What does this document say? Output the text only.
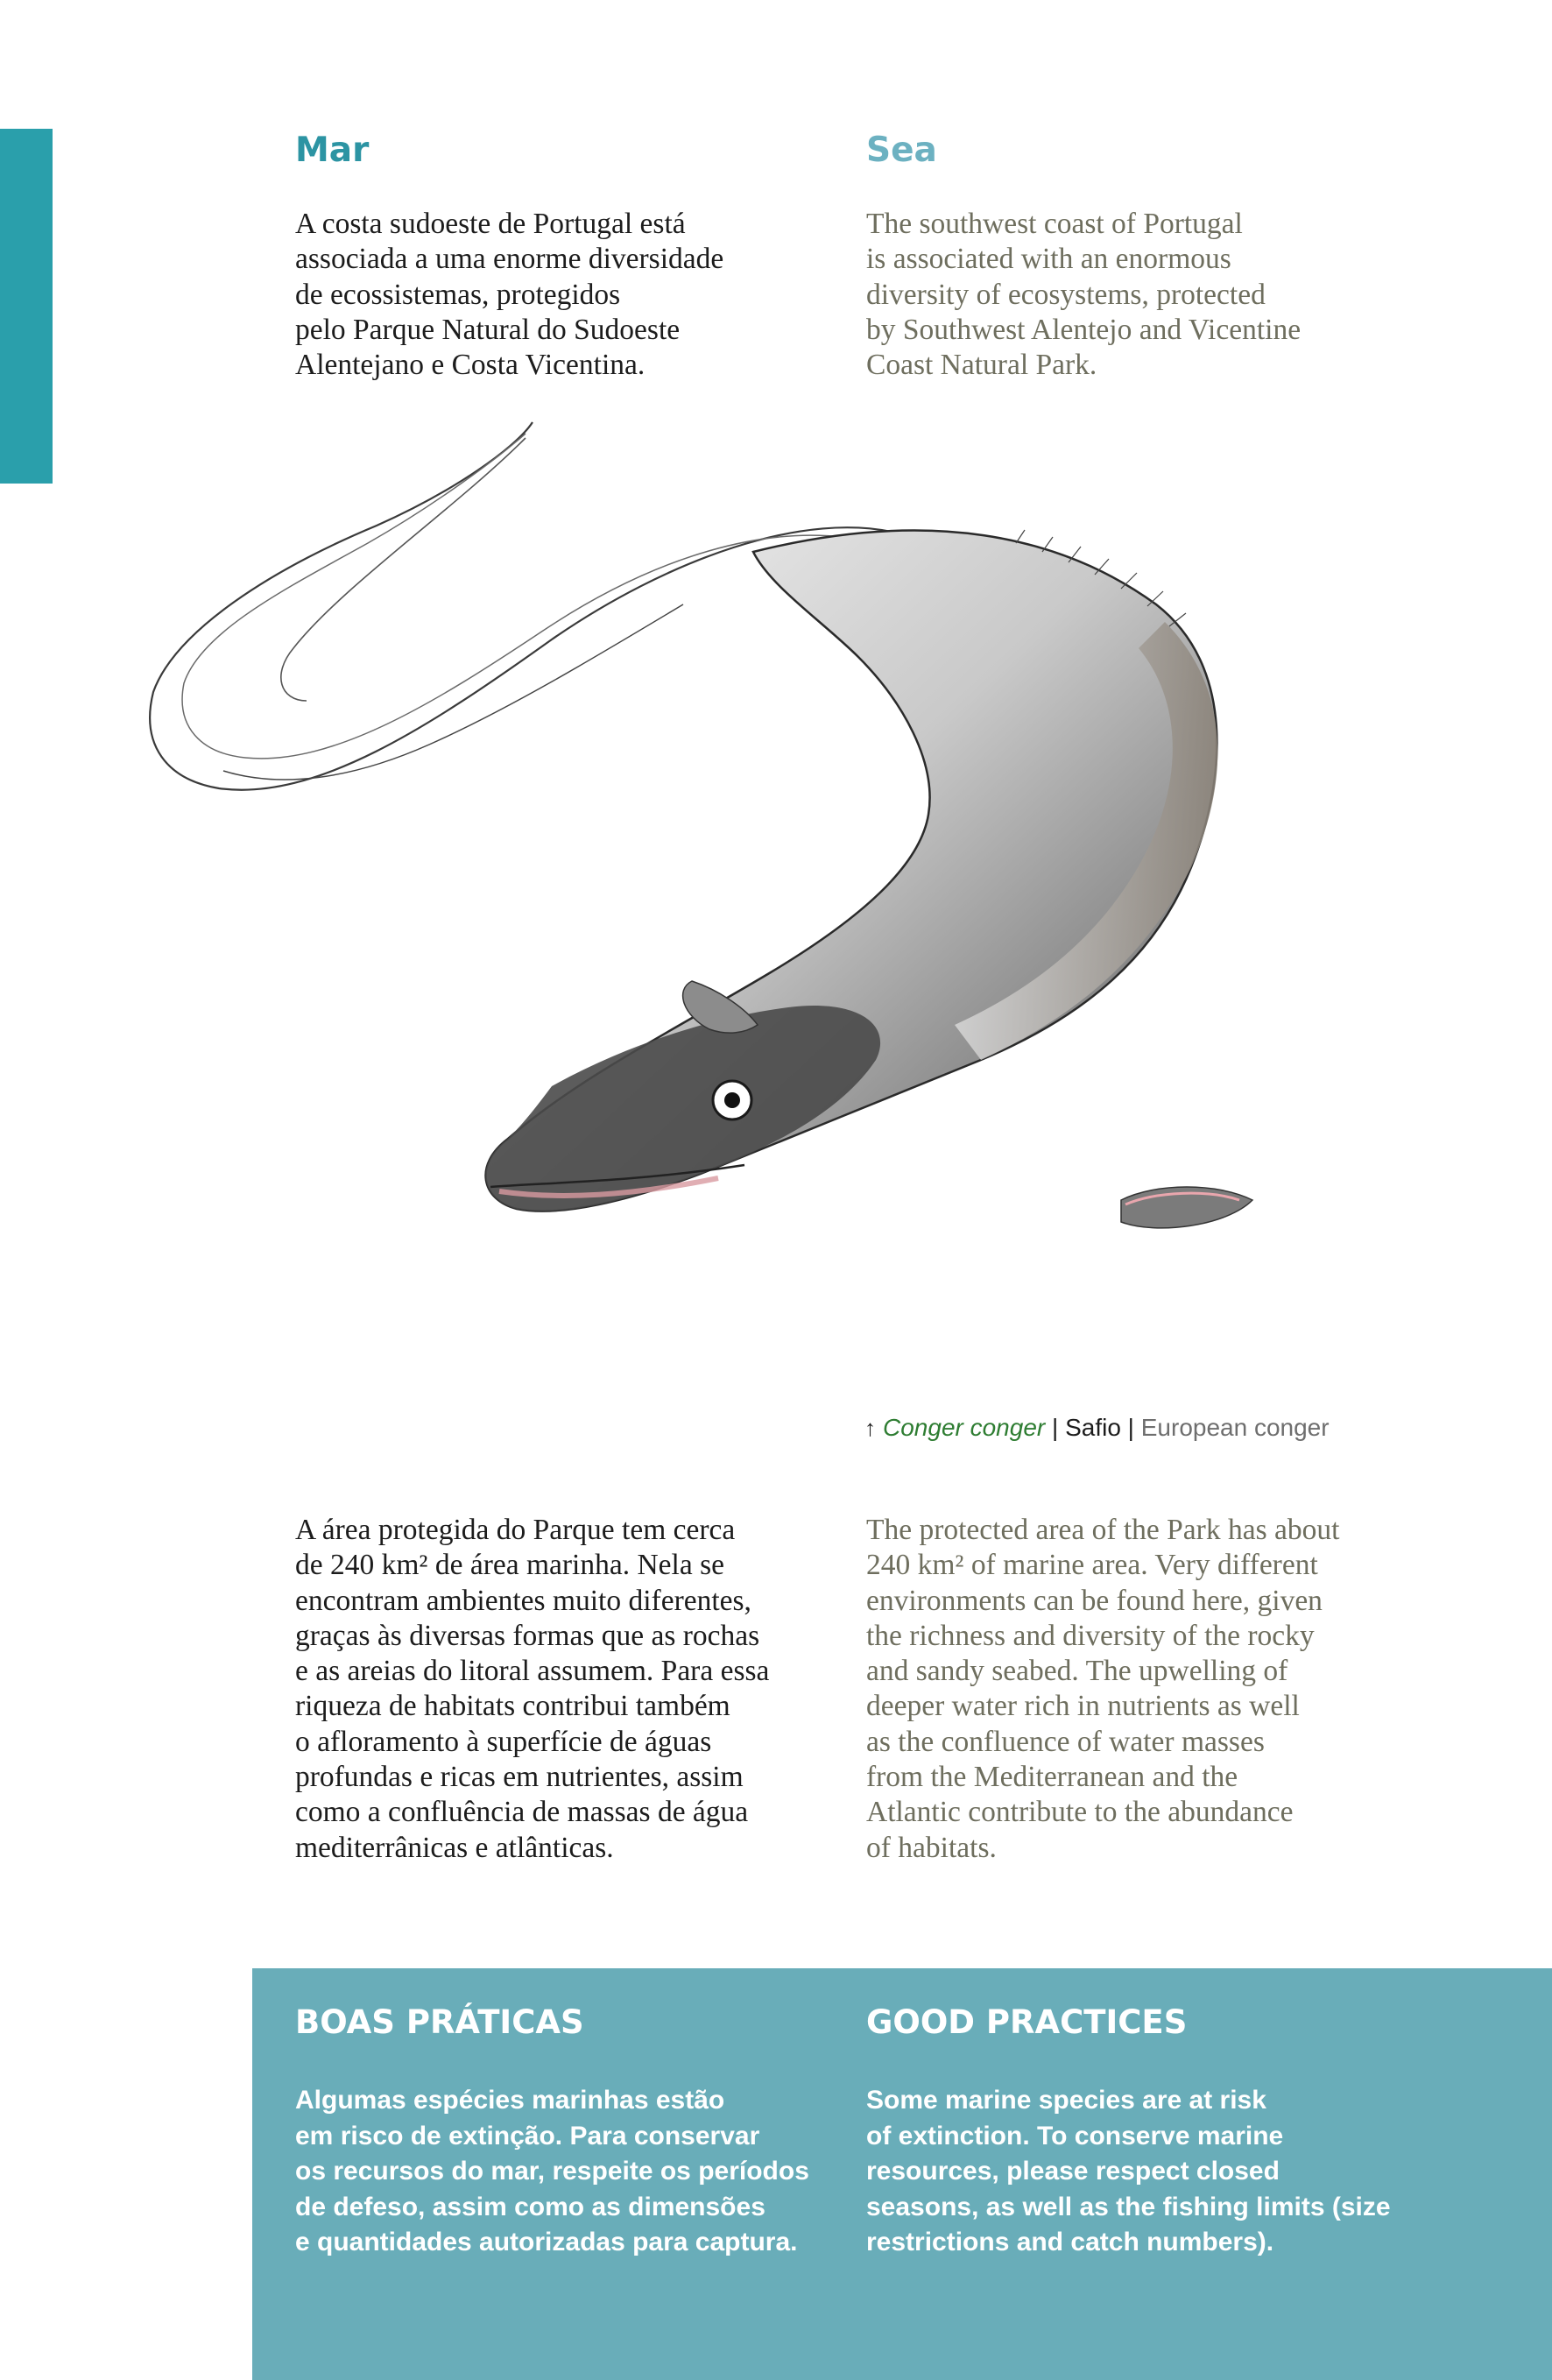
Mar	Sea

A costa sudoeste de Portugal está
associada a uma enorme diversidade
de ecossistemas, protegidos
pelo Parque Natural do Sudoeste
Alentejano e Costa Vicentina.

The southwest coast of Portugal
is associated with an enormous
diversity of ecosystems, protected
by Southwest Alentejo and Vicentine
Coast Natural Park.

↑ Conger conger | Safio | European conger

A área protegida do Parque tem cerca
de 240 km² de área marinha. Nela se
encontram ambientes muito diferentes,
graças às diversas formas que as rochas
e as areias do litoral assumem. Para essa
riqueza de habitats contribui também
o afloramento à superfície de águas
profundas e ricas em nutrientes, assim
como a confluência de massas de água
mediterrânicas e atlânticas.

The protected area of the Park has about
240 km² of marine area. Very different
environments can be found here, given
the richness and diversity of the rocky
and sandy seabed. The upwelling of
deeper water rich in nutrients as well
as the confluence of water masses
from the Mediterranean and the
Atlantic contribute to the abundance
of habitats.

BOAS PRÁTICAS	GOOD PRACTICES

Algumas espécies marinhas estão
em risco de extinção. Para conservar
os recursos do mar, respeite os períodos
de defeso, assim como as dimensões
e quantidades autorizadas para captura.

Some marine species are at risk
of extinction. To conserve marine
resources, please respect closed
seasons, as well as the fishing limits (size
restrictions and catch numbers).
